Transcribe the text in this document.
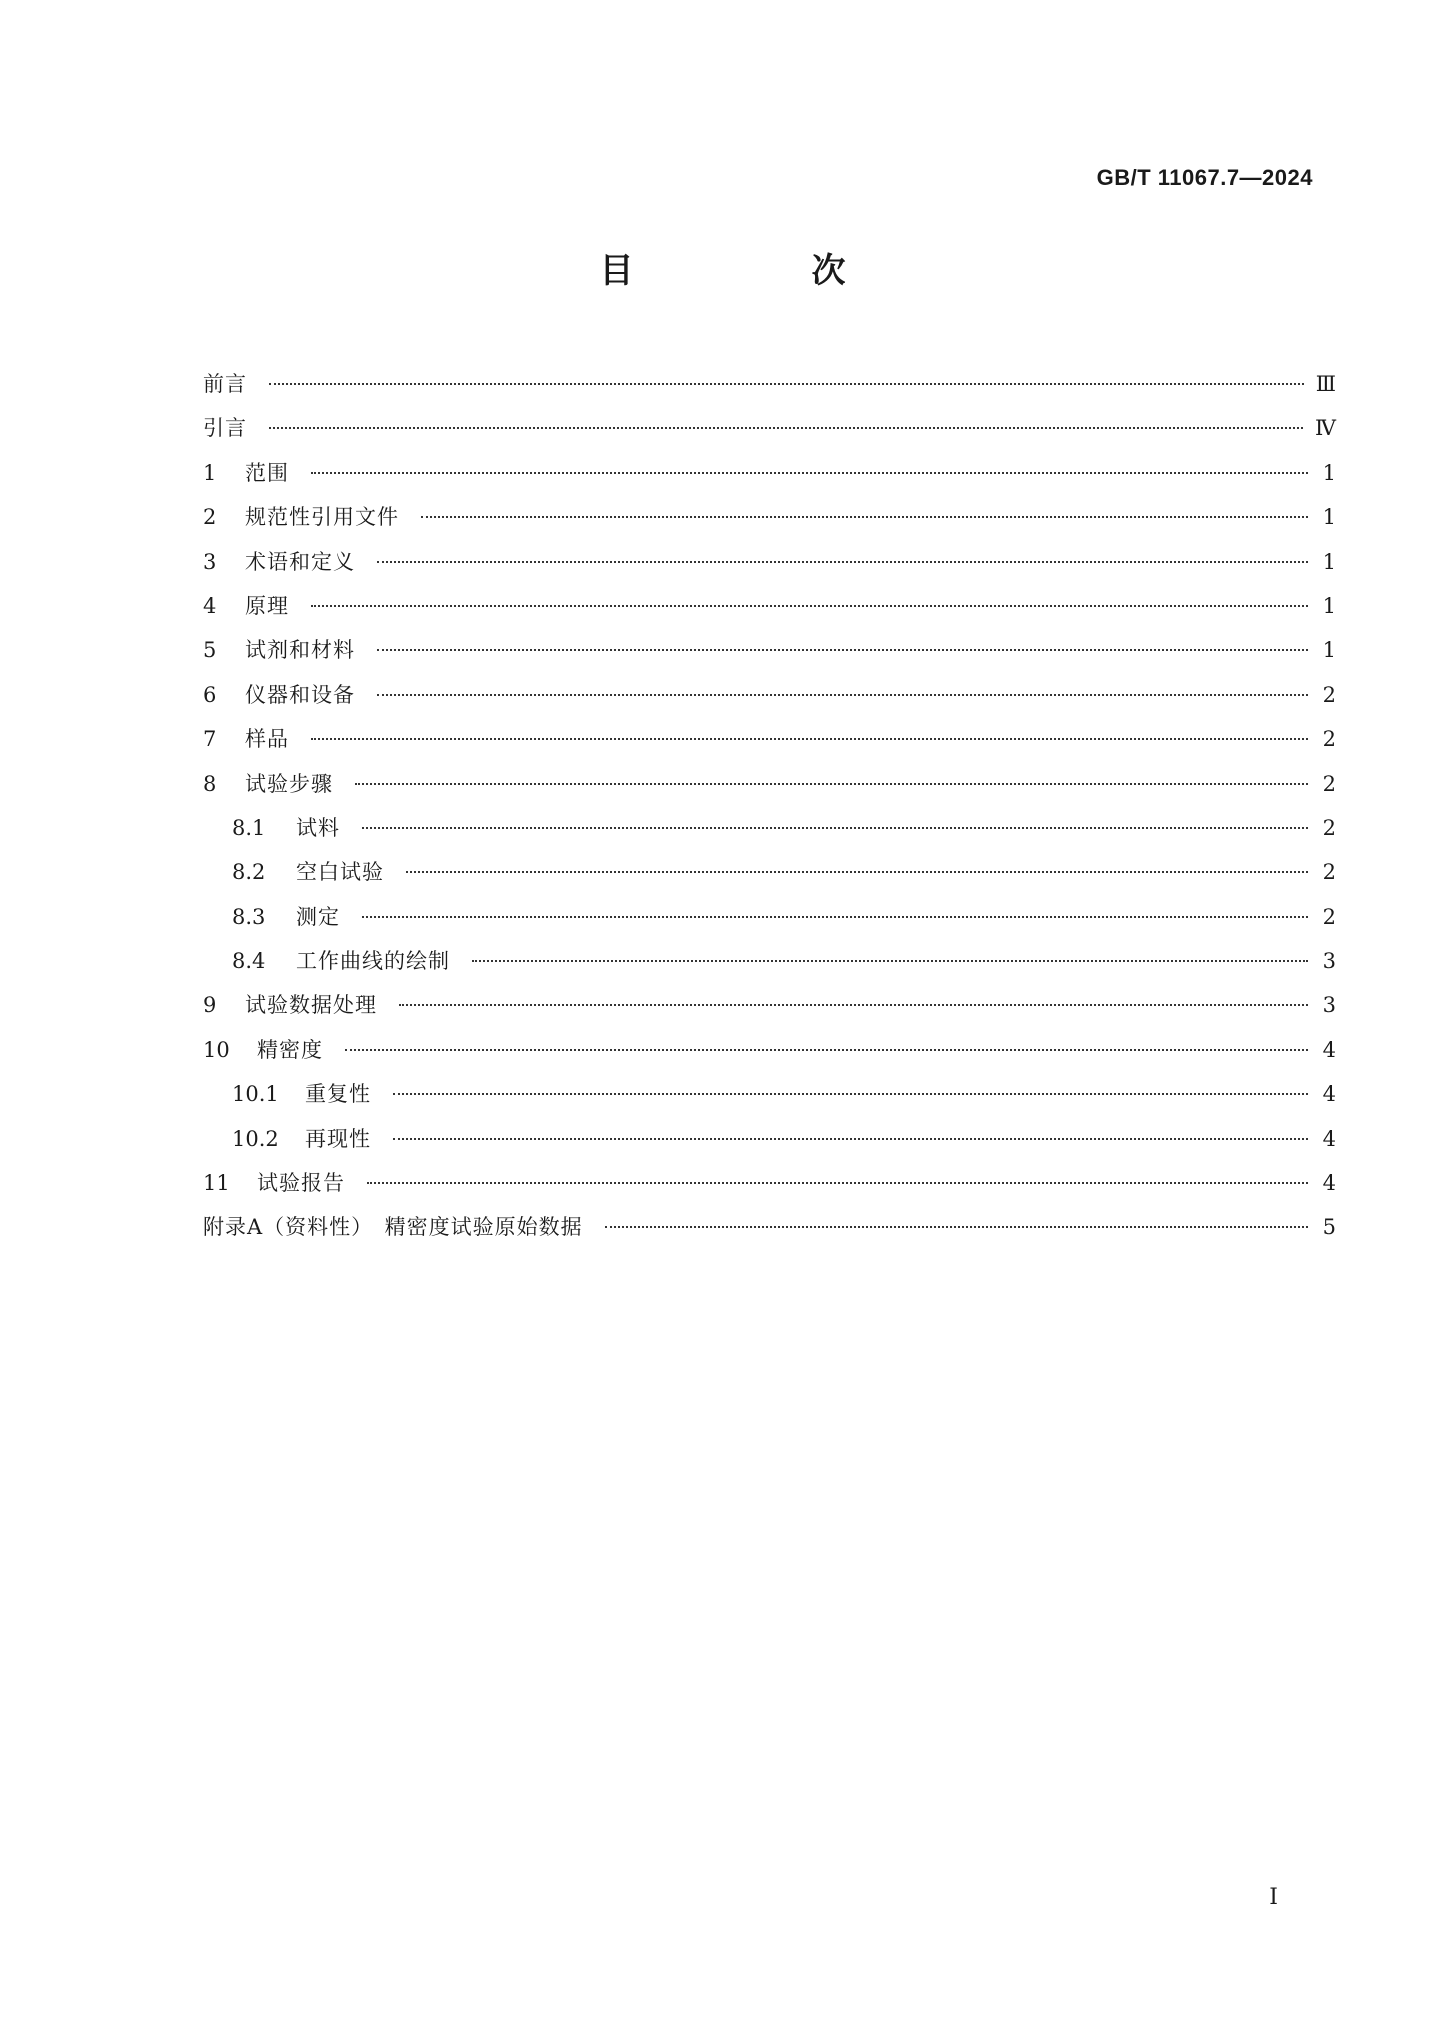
GB/T 11067.7—2024
目　次
前言	Ⅲ
引言	Ⅳ
1	范围	1
2	规范性引用文件	1
3	术语和定义	1
4	原理	1
5	试剂和材料	1
6	仪器和设备	2
7	样品	2
8	试验步骤	2
8.1	试料	2
8.2	空白试验	2
8.3	测定	2
8.4	工作曲线的绘制	3
9	试验数据处理	3
10	精密度	4
10.1	重复性	4
10.2	再现性	4
11	试验报告	4
附录A（资料性）　精密度试验原始数据	5
Ⅰ
